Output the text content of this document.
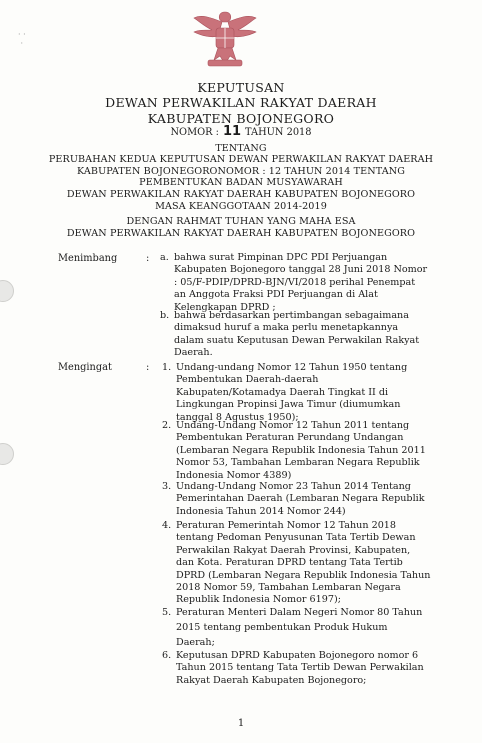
· ·
·
KEPUTUSAN
DEWAN PERWAKILAN RAKYAT DAERAH
KABUPATEN BOJONEGORO
NOMOR : 11 TAHUN 2018
TENTANG
PERUBAHAN KEDUA KEPUTUSAN DEWAN PERWAKILAN RAKYAT DAERAH
KABUPATEN BOJONEGORONOMOR : 12 TAHUN 2014 TENTANG
PEMBENTUKAN BADAN MUSYAWARAH
DEWAN PERWAKILAN RAKYAT DAERAH KABUPATEN BOJONEGORO
MASA KEANGGOTAAN 2014-2019
DENGAN RAHMAT TUHAN YANG MAHA ESA
DEWAN PERWAKILAN RAKYAT DAERAH KABUPATEN BOJONEGORO
Menimbang	: a. bahwa surat Pimpinan DPC PDI Perjuangan
Kabupaten Bojonegoro tanggal 28 Juni 2018 Nomor
: 05/F-PDIP/DPRD-BJN/VI/2018 perihal Penempat
an Anggota Fraksi PDI Perjuangan di Alat
Kelengkapan DPRD ;
b. bahwa berdasarkan pertimbangan sebagaimana
dimaksud huruf a maka perlu menetapkannya
dalam suatu Keputusan Dewan Perwakilan Rakyat
Daerah.
Mengingat	: 1. Undang-undang Nomor 12 Tahun 1950 tentang
Pembentukan Daerah-daerah
Kabupaten/Kotamadya Daerah Tingkat II di
Lingkungan Propinsi Jawa Timur (diumumkan
tanggal 8 Agustus 1950);
2. Undang-Undang Nomor 12 Tahun 2011 tentang
Pembentukan Peraturan Perundang Undangan
(Lembaran Negara Republik Indonesia Tahun 2011
Nomor 53, Tambahan Lembaran Negara Republik
Indonesia Nomor 4389)
3. Undang-Undang Nomor 23 Tahun 2014 Tentang
Pemerintahan Daerah (Lembaran Negara Republik
Indonesia Tahun 2014 Nomor 244)
4. Peraturan Pemerintah Nomor 12 Tahun 2018
tentang Pedoman Penyusunan Tata Tertib Dewan
Perwakilan Rakyat Daerah Provinsi, Kabupaten,
dan Kota. Peraturan DPRD tentang Tata Tertib
DPRD (Lembaran Negara Republik Indonesia Tahun
2018 Nomor 59, Tambahan Lembaran Negara
Republik Indonesia Nomor 6197);
5. Peraturan Menteri Dalam Negeri Nomor 80 Tahun
2015 tentang pembentukan Produk Hukum
Daerah;
6. Keputusan DPRD Kabupaten Bojonegoro nomor 6
Tahun 2015 tentang Tata Tertib Dewan Perwakilan
Rakyat Daerah Kabupaten Bojonegoro;
1
